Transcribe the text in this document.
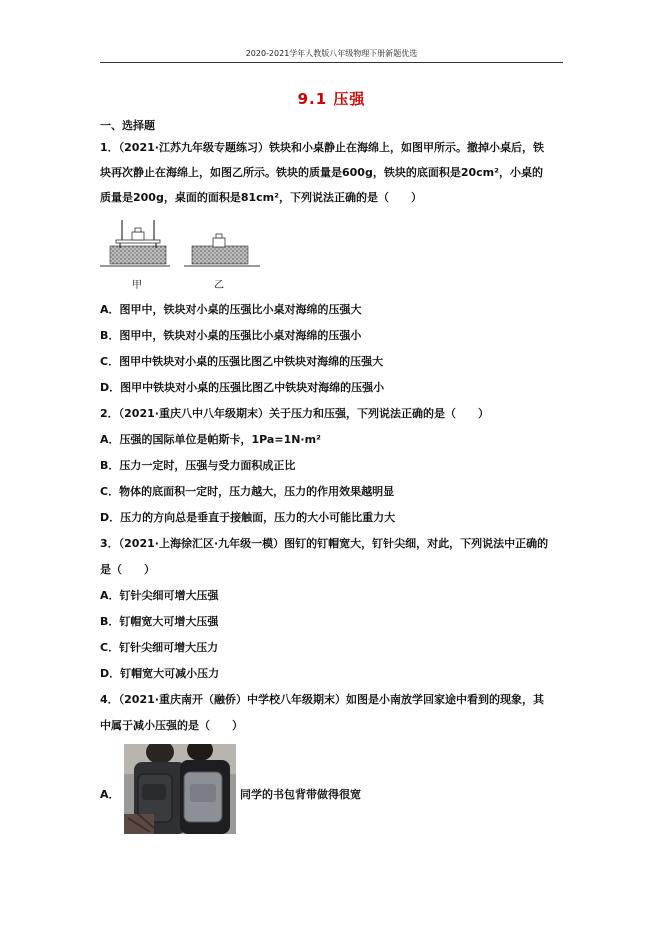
2020-2021学年人教版八年级物理下册新题优选
9.1 压强
一、选择题
1．（2021·江苏九年级专题练习）铁块和小桌静止在海绵上，如图甲所示。撤掉小桌后，铁
块再次静止在海绵上，如图乙所示。铁块的质量是600g，铁块的底面积是20cm²，小桌的
质量是200g，桌面的面积是81cm²，下列说法正确的是（　　）
甲	乙
A．图甲中，铁块对小桌的压强比小桌对海绵的压强大
B．图甲中，铁块对小桌的压强比小桌对海绵的压强小
C．图甲中铁块对小桌的压强比图乙中铁块对海绵的压强大
D．图甲中铁块对小桌的压强比图乙中铁块对海绵的压强小
2．（2021·重庆八中八年级期末）关于压力和压强，下列说法正确的是（　　）
A．压强的国际单位是帕斯卡，1Pa=1N·m²
B．压力一定时，压强与受力面积成正比
C．物体的底面积一定时，压力越大，压力的作用效果越明显
D．压力的方向总是垂直于接触面，压力的大小可能比重力大
3．（2021·上海徐汇区·九年级一模）图钉的钉帽宽大，钉针尖细，对此，下列说法中正确的
是（　　）
A．钉针尖细可增大压强
B．钉帽宽大可增大压强
C．钉针尖细可增大压力
D．钉帽宽大可减小压力
4．（2021·重庆南开（融侨）中学校八年级期末）如图是小南放学回家途中看到的现象，其
中属于减小压强的是（　　）
A．	同学的书包背带做得很宽
